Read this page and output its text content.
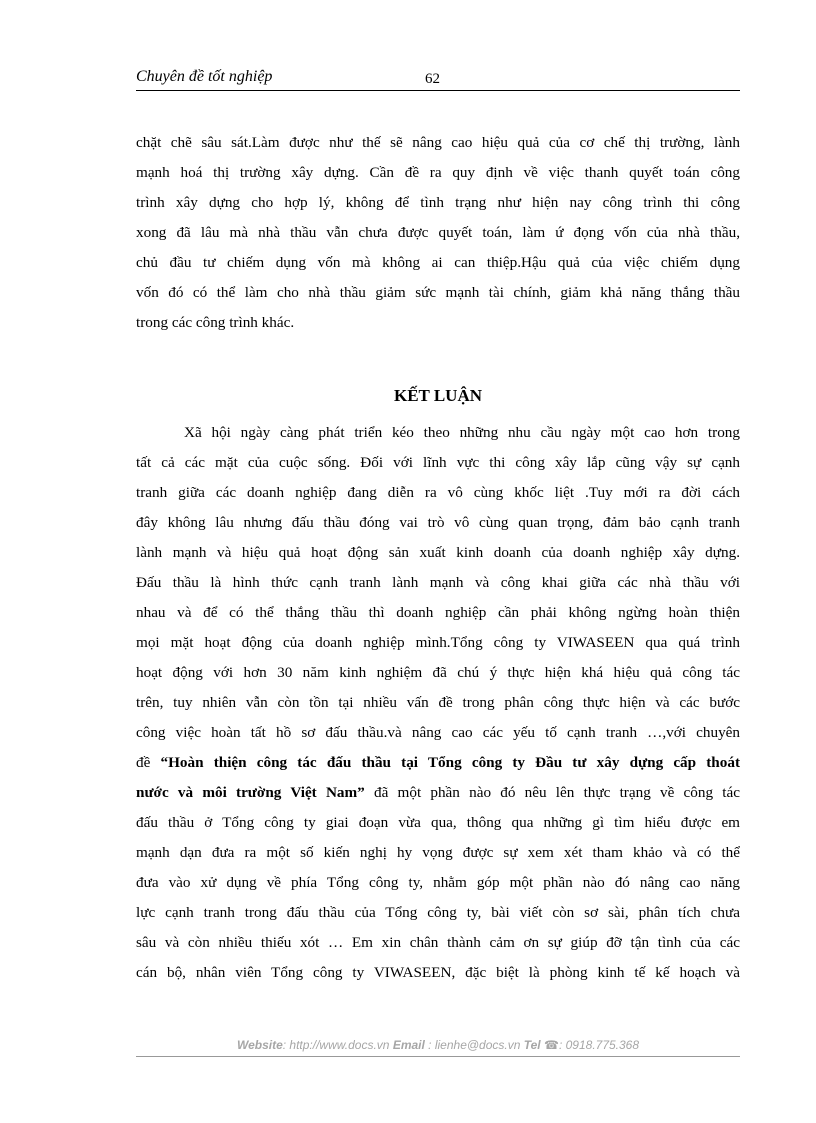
Chuyên đề tốt nghiệp	62
chặt chẽ sâu sát.Làm được như thế sẽ nâng cao hiệu quả của cơ chế thị trường, lành
mạnh hoá thị trường xây dựng. Cần đề ra quy định về việc thanh quyết toán công
trình xây dựng cho hợp lý, không để tình trạng như hiện nay công trình thi công
xong đã lâu mà nhà thầu vẫn chưa được quyết toán, làm ứ đọng vốn của nhà thầu,
chủ đầu tư chiếm dụng vốn mà không ai can thiệp.Hậu quả của việc chiếm dụng
vốn đó có thể làm cho nhà thầu giảm sức mạnh tài chính, giảm khả năng thắng thầu
trong các công trình khác.
KẾT LUẬN
Xã hội ngày càng phát triển kéo theo những nhu cầu ngày một cao hơn trong
tất cả các mặt của cuộc sống. Đối với lĩnh vực thi công xây lắp cũng vậy sự cạnh
tranh giữa các doanh nghiệp đang diễn ra vô cùng khốc liệt .Tuy mới ra đời cách
đây không lâu nhưng đấu thầu đóng vai trò vô cùng quan trọng, đảm bảo cạnh tranh
lành mạnh và hiệu quả hoạt động sản xuất kinh doanh của doanh nghiệp xây dựng.
Đấu thầu là hình thức cạnh tranh lành mạnh và công khai giữa các nhà thầu với
nhau và để có thể thắng thầu thì doanh nghiệp cần phải không ngừng hoàn thiện
mọi mặt hoạt động của doanh nghiệp mình.Tổng công ty VIWASEEN qua quá trình
hoạt động với hơn 30 năm kinh nghiệm đã chú ý thực hiện khá hiệu quả công tác
trên, tuy nhiên vẫn còn tồn tại nhiều vấn đề trong phân công thực hiện và các bước
công việc hoàn tất hồ sơ đấu thầu.và nâng cao các yếu tố cạnh tranh …,với chuyên
đề “Hoàn thiện công tác đấu thầu tại Tổng công ty Đầu tư xây dựng cấp thoát
nước và môi trường Việt Nam” đã một phần nào đó nêu lên thực trạng về công tác
đấu thầu ở Tổng công ty giai đoạn vừa qua, thông qua những gì tìm hiểu được em
mạnh dạn đưa ra một số kiến nghị hy vọng được sự xem xét tham khảo và có thể
đưa vào xử dụng về phía Tổng công ty, nhằm góp một phần nào đó nâng cao năng
lực cạnh tranh trong đấu thầu của Tổng công ty, bài viết còn sơ sài, phân tích chưa
sâu và còn nhiều thiếu xót … Em xin chân thành cảm ơn sự giúp đỡ tận tình của các
cán bộ, nhân viên Tổng công ty VIWASEEN, đặc biệt là phòng kinh tế kế hoạch và
Website: http://www.docs.vn Email : lienhe@docs.vn Tel ☎: 0918.775.368
